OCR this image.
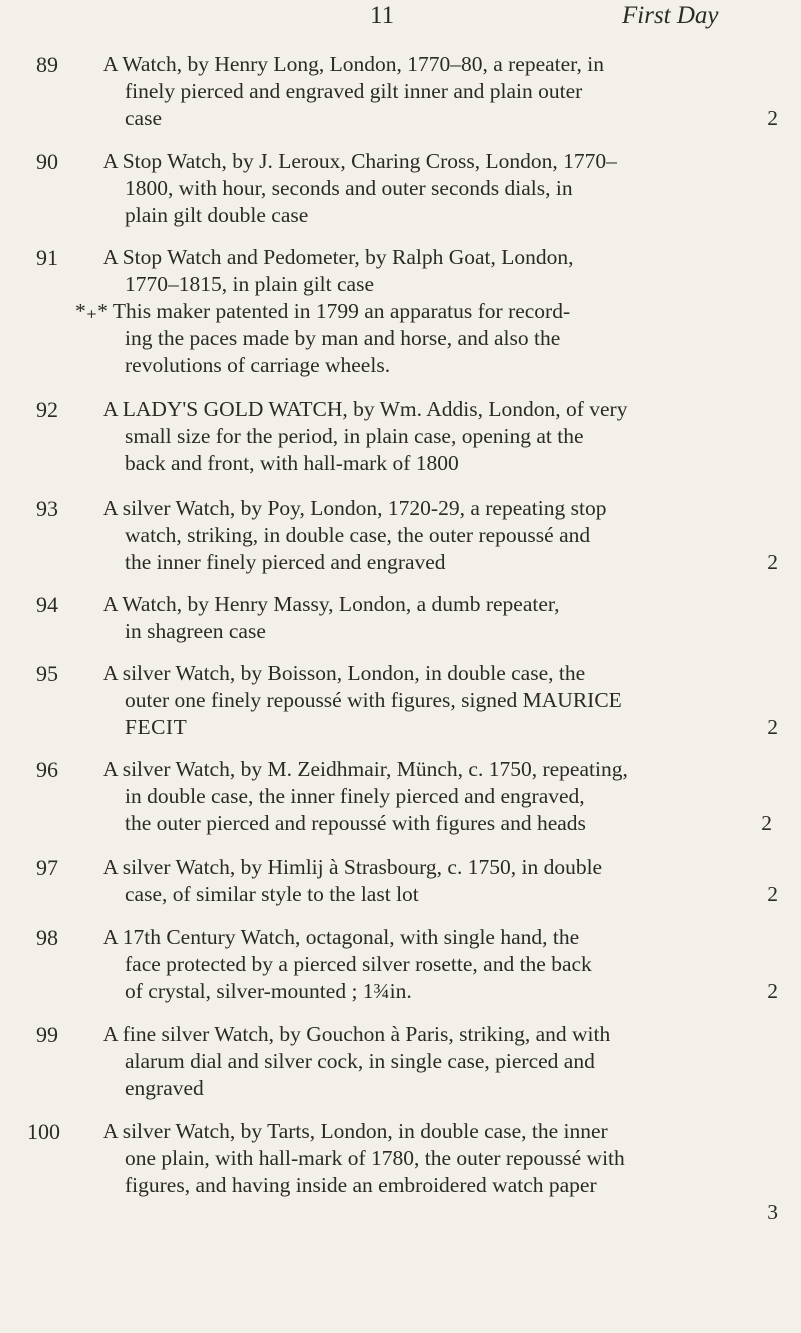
11	First Day
89	A Watch, by Henry Long, London, 1770–80, a repeater, in
finely pierced and engraved gilt inner and plain outer
case	2
90	A Stop Watch, by J. Leroux, Charing Cross, London, 1770–
1800, with hour, seconds and outer seconds dials, in
plain gilt double case
91	A Stop Watch and Pedometer, by Ralph Goat, London,
1770–1815, in plain gilt case
*₊* This maker patented in 1799 an apparatus for record-
ing the paces made by man and horse, and also the
revolutions of carriage wheels.
92	A LADY'S GOLD WATCH, by Wm. Addis, London, of very
small size for the period, in plain case, opening at the
back and front, with hall-mark of 1800
93	A silver Watch, by Poy, London, 1720-29, a repeating stop
watch, striking, in double case, the outer repoussé and
the inner finely pierced and engraved	2
94	A Watch, by Henry Massy, London, a dumb repeater,
in shagreen case
95	A silver Watch, by Boisson, London, in double case, the
outer one finely repoussé with figures, signed MAURICE
FECIT	2
96	A silver Watch, by M. Zeidhmair, Münch, c. 1750, repeating,
in double case, the inner finely pierced and engraved,
the outer pierced and repoussé with figures and heads	2
97	A silver Watch, by Himlij à Strasbourg, c. 1750, in double
case, of similar style to the last lot	2
98	A 17th Century Watch, octagonal, with single hand, the
face protected by a pierced silver rosette, and the back
of crystal, silver-mounted ; 1¾in.	2
99	A fine silver Watch, by Gouchon à Paris, striking, and with
alarum dial and silver cock, in single case, pierced and
engraved
100	A silver Watch, by Tarts, London, in double case, the inner
one plain, with hall-mark of 1780, the outer repoussé with
figures, and having inside an embroidered watch paper
3
